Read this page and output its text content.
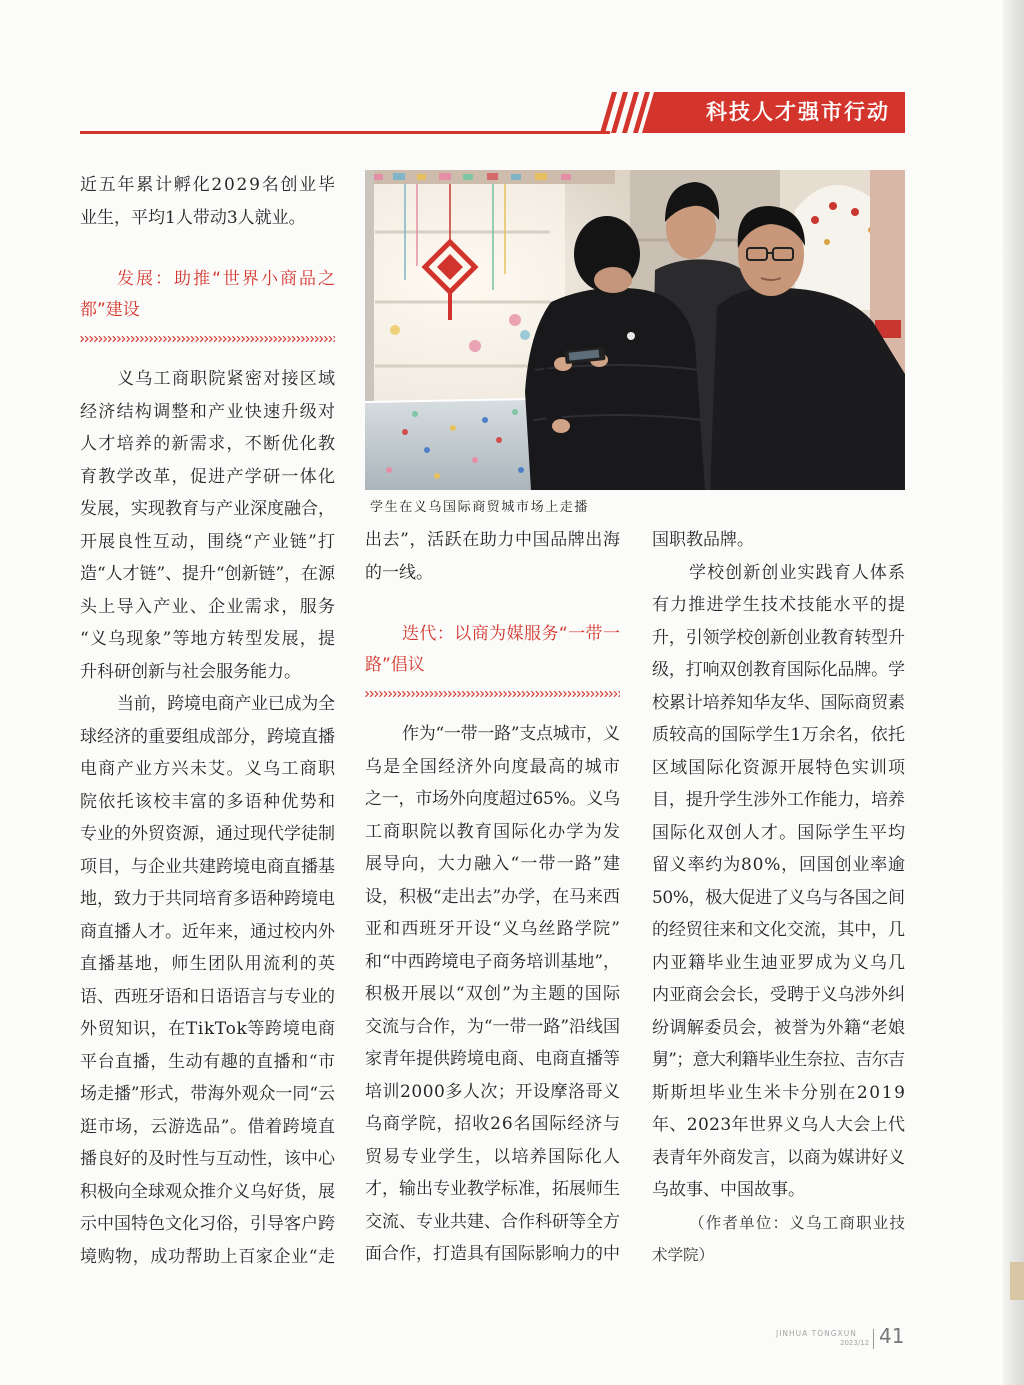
科技人才强市行动
学生在义乌国际商贸城市场上走播
近五年累计孵化2029名创业毕
业生，平均1人带动3人就业。
发展：助推“世界小商品之
都”建设
义乌工商职院紧密对接区域
经济结构调整和产业快速升级对
人才培养的新需求，不断优化教
育教学改革，促进产学研一体化
发展，实现教育与产业深度融合，
开展良性互动，围绕“产业链”打
造“人才链”、提升“创新链”，在源
头上导入产业、企业需求，服务
“义乌现象”等地方转型发展，提
升科研创新与社会服务能力。
当前，跨境电商产业已成为全
球经济的重要组成部分，跨境直播
电商产业方兴未艾。义乌工商职
院依托该校丰富的多语种优势和
专业的外贸资源，通过现代学徒制
项目，与企业共建跨境电商直播基
地，致力于共同培育多语种跨境电
商直播人才。近年来，通过校内外
直播基地，师生团队用流利的英
语、西班牙语和日语语言与专业的
外贸知识，在TikTok等跨境电商
平台直播，生动有趣的直播和“市
场走播”形式，带海外观众一同“云
逛市场，云游选品”。借着跨境直
播良好的及时性与互动性，该中心
积极向全球观众推介义乌好货，展
示中国特色文化习俗，引导客户跨
境购物，成功帮助上百家企业“走
出去”，活跃在助力中国品牌出海
的一线。
迭代：以商为媒服务“一带一
路”倡议
作为“一带一路”支点城市，义
乌是全国经济外向度最高的城市
之一，市场外向度超过65%。义乌
工商职院以教育国际化办学为发
展导向，大力融入“一带一路”建
设，积极“走出去”办学，在马来西
亚和西班牙开设“义乌丝路学院”
和“中西跨境电子商务培训基地”，
积极开展以“双创”为主题的国际
交流与合作，为“一带一路”沿线国
家青年提供跨境电商、电商直播等
培训2000多人次；开设摩洛哥义
乌商学院，招收26名国际经济与
贸易专业学生，以培养国际化人
才，输出专业教学标准，拓展师生
交流、专业共建、合作科研等全方
面合作，打造具有国际影响力的中
国职教品牌。
学校创新创业实践育人体系
有力推进学生技术技能水平的提
升，引领学校创新创业教育转型升
级，打响双创教育国际化品牌。学
校累计培养知华友华、国际商贸素
质较高的国际学生1万余名，依托
区域国际化资源开展特色实训项
目，提升学生涉外工作能力，培养
国际化双创人才。国际学生平均
留义率约为80%，回国创业率逾
50%，极大促进了义乌与各国之间
的经贸往来和文化交流，其中，几
内亚籍毕业生迪亚罗成为义乌几
内亚商会会长，受聘于义乌涉外纠
纷调解委员会，被誉为外籍“老娘
舅”；意大利籍毕业生奈拉、吉尔吉
斯斯坦毕业生米卡分别在2019
年、2023年世界义乌人大会上代
表青年外商发言，以商为媒讲好义
乌故事、中国故事。
（作者单位：义乌工商职业技
术学院）
JINHUA TONGXUN
2023/12 41
